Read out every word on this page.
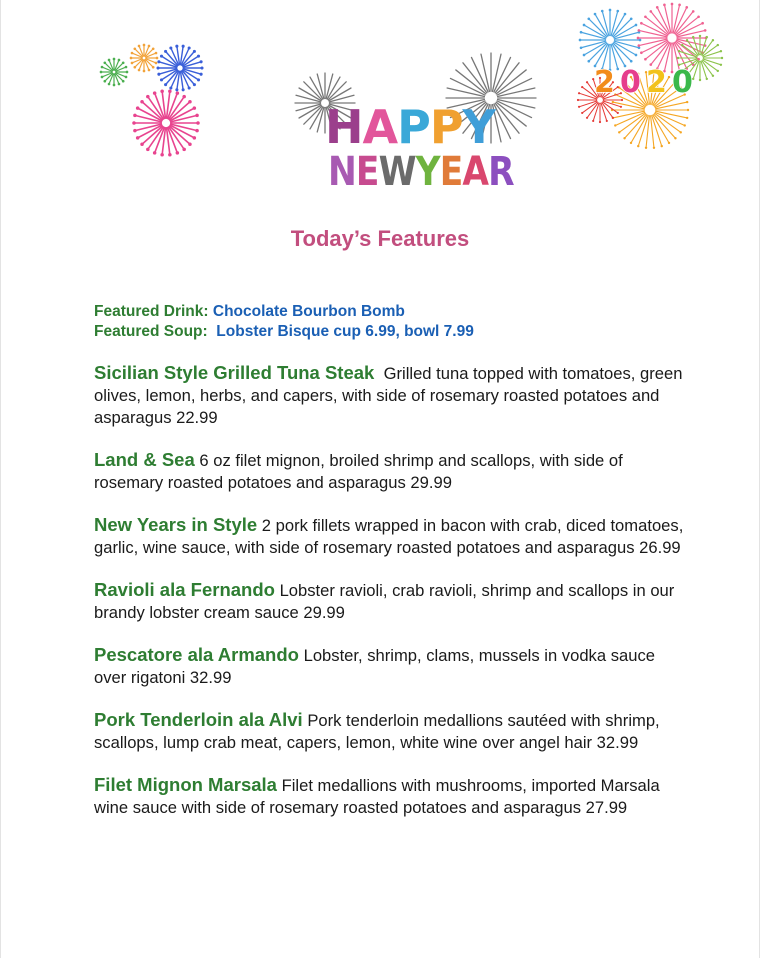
2 0 2 0
H A P P Y
N E W Y E A R
Today’s Features
Featured Drink: Chocolate Bourbon Bomb
Featured Soup: Lobster Bisque cup 6.99, bowl 7.99
Sicilian Style Grilled Tuna Steak Grilled tuna topped with tomatoes, green olives, lemon, herbs, and capers, with side of rosemary roasted potatoes and asparagus 22.99
Land & Sea 6 oz filet mignon, broiled shrimp and scallops, with side of rosemary roasted potatoes and asparagus 29.99
New Years in Style 2 pork fillets wrapped in bacon with crab, diced tomatoes, garlic, wine sauce, with side of rosemary roasted potatoes and asparagus 26.99
Ravioli ala Fernando Lobster ravioli, crab ravioli, shrimp and scallops in our brandy lobster cream sauce 29.99
Pescatore ala Armando Lobster, shrimp, clams, mussels in vodka sauce over rigatoni 32.99
Pork Tenderloin ala Alvi Pork tenderloin medallions sautéed with shrimp, scallops, lump crab meat, capers, lemon, white wine over angel hair 32.99
Filet Mignon Marsala Filet medallions with mushrooms, imported Marsala wine sauce with side of rosemary roasted potatoes and asparagus 27.99
